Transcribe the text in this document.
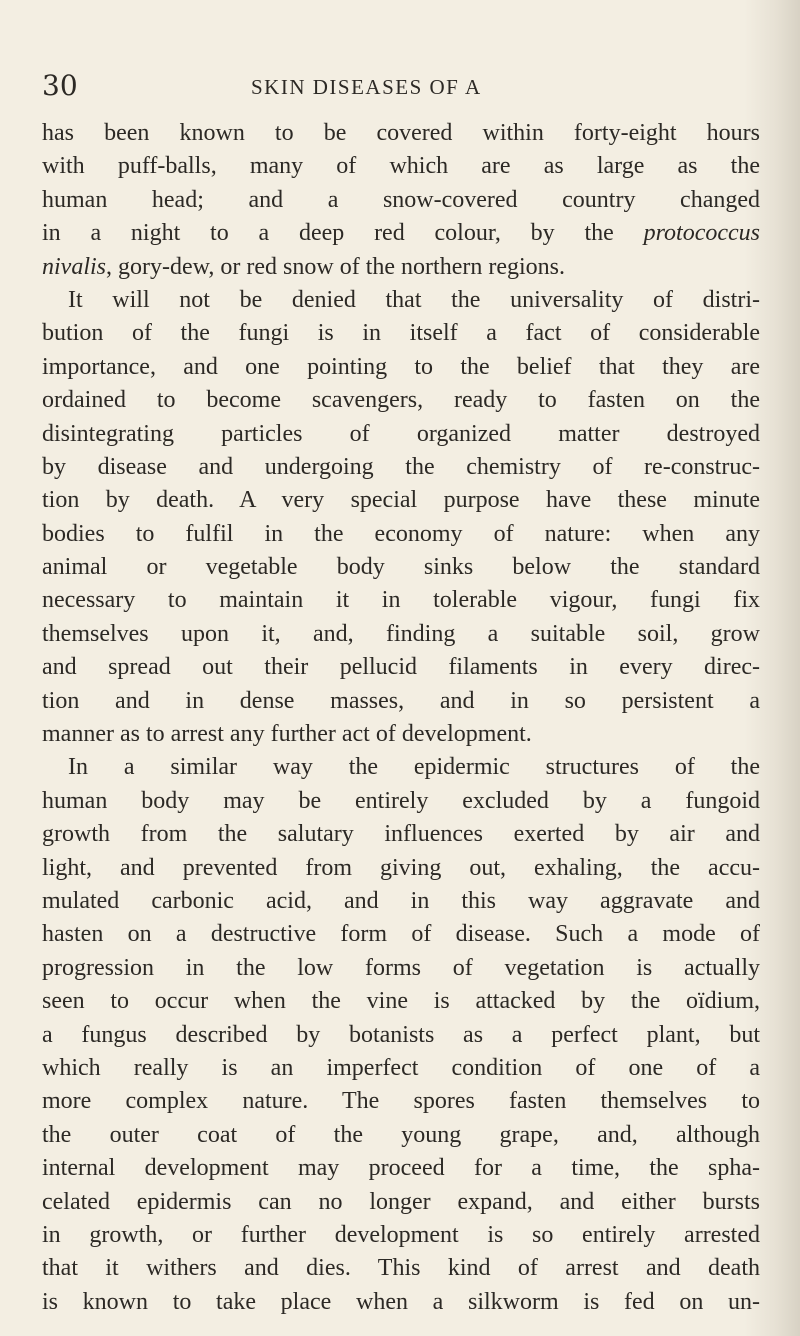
30	SKIN DISEASES OF A
has been known to be covered within forty-eight hours
with puff-balls, many of which are as large as the
human head; and a snow-covered country changed
in a night to a deep red colour, by the protococcus
nivalis, gory-dew, or red snow of the northern regions.
It will not be denied that the universality of distri-
bution of the fungi is in itself a fact of considerable
importance, and one pointing to the belief that they are
ordained to become scavengers, ready to fasten on the
disintegrating particles of organized matter destroyed
by disease and undergoing the chemistry of re-construc-
tion by death. A very special purpose have these minute
bodies to fulfil in the economy of nature: when any
animal or vegetable body sinks below the standard
necessary to maintain it in tolerable vigour, fungi fix
themselves upon it, and, finding a suitable soil, grow
and spread out their pellucid filaments in every direc-
tion and in dense masses, and in so persistent a
manner as to arrest any further act of development.
In a similar way the epidermic structures of the
human body may be entirely excluded by a fungoid
growth from the salutary influences exerted by air and
light, and prevented from giving out, exhaling, the accu-
mulated carbonic acid, and in this way aggravate and
hasten on a destructive form of disease. Such a mode of
progression in the low forms of vegetation is actually
seen to occur when the vine is attacked by the oïdium,
a fungus described by botanists as a perfect plant, but
which really is an imperfect condition of one of a
more complex nature. The spores fasten themselves to
the outer coat of the young grape, and, although
internal development may proceed for a time, the spha-
celated epidermis can no longer expand, and either bursts
in growth, or further development is so entirely arrested
that it withers and dies. This kind of arrest and death
is known to take place when a silkworm is fed on un-
